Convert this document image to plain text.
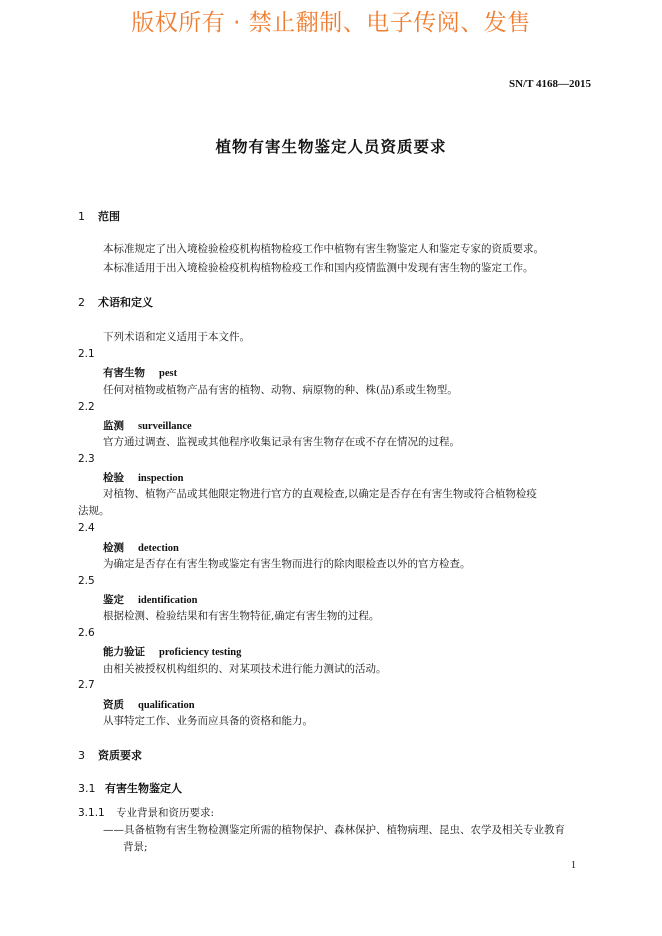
版权所有 · 禁止翻制、电子传阅、发售
SN/T 4168—2015
植物有害生物鉴定人员资质要求
1 范围
本标准规定了出入境检验检疫机构植物检疫工作中植物有害生物鉴定人和鉴定专家的资质要求。
本标准适用于出入境检验检疫机构植物检疫工作和国内疫情监测中发现有害生物的鉴定工作。
2 术语和定义
下列术语和定义适用于本文件。
2.1
有害生物 pest
任何对植物或植物产品有害的植物、动物、病原物的种、株(品)系或生物型。
2.2
监测 surveillance
官方通过调查、监视或其他程序收集记录有害生物存在或不存在情况的过程。
2.3
检验 inspection
对植物、植物产品或其他限定物进行官方的直观检查,以确定是否存在有害生物或符合植物检疫
法规。
2.4
检测 detection
为确定是否存在有害生物或鉴定有害生物而进行的除肉眼检查以外的官方检查。
2.5
鉴定 identification
根据检测、检验结果和有害生物特征,确定有害生物的过程。
2.6
能力验证 proficiency testing
由相关被授权机构组织的、对某项技术进行能力测试的活动。
2.7
资质 qualification
从事特定工作、业务而应具备的资格和能力。
3 资质要求
3.1 有害生物鉴定人
3.1.1 专业背景和资历要求:
——具备植物有害生物检测鉴定所需的植物保护、森林保护、植物病理、昆虫、农学及相关专业教育
背景;
1
